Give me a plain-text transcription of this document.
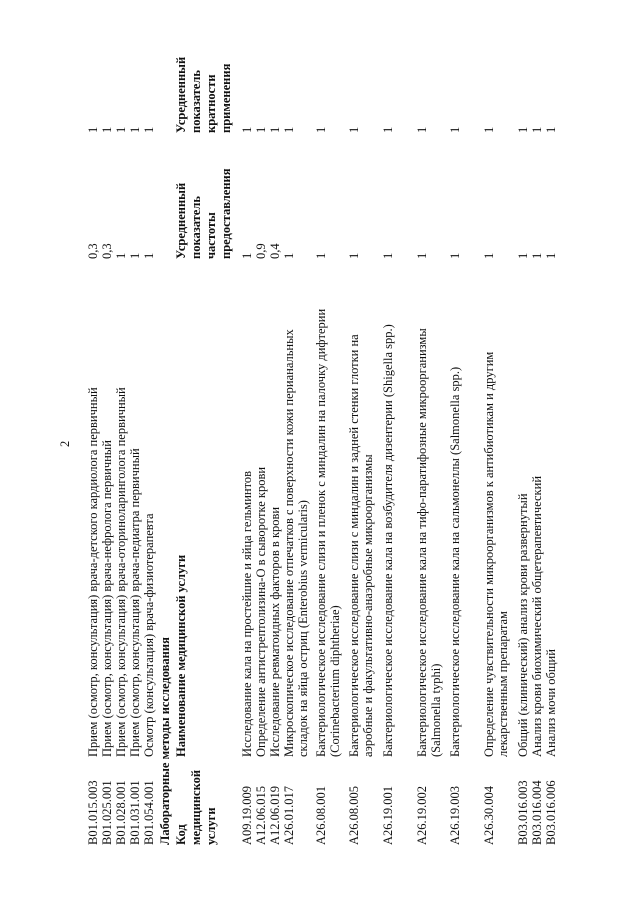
2
B01.015.003
Прием (осмотр, консультация) врача-детского кардиолога первичный
0,3
1
B01.025.001
Прием (осмотр, консультация) врача-нефролога первичный
0,3
1
B01.028.001
Прием (осмотр, консультация) врача-оториноларинголога первичный
1
1
B01.031.001
Прием (осмотр, консультация) врача-педиатра первичный
1
1
B01.054.001
Осмотр (консультация) врача-физиотерапевта
1
1
Лабораторные методы исследования Код медицинской услуги
Наименование медицинской услуги
Усредненный показатель частоты предоставления
Усредненный показатель кратности применения
A09.19.009
Исследование кала на простейшие и яйца гельминтов
1
1
A12.06.015
Определение антистрептолизина-О в сыворотке крови
0,9
1
A12.06.019
Исследование ревматоидных факторов в крови
0,4
1
A26.01.017
Микроскопическое исследование отпечатков с поверхности кожи перианальных складок на яйца остриц (Enterobius vermicularis)
1
1
A26.08.001
Бактериологическое исследование слизи и пленок с миндалин на палочку дифтерии (Corinebacterium diphtheriae)
1
1
A26.08.005
Бактериологическое исследование слизи с миндалин и задней стенки глотки на аэробные и факультативно-анаэробные микроорганизмы
1
1
A26.19.001
Бактериологическое исследование кала на возбудителя дизентерии (Shigella spp.)
1
1
A26.19.002
Бактериологическое исследование кала на тифо-паратифозные микроорганизмы (Salmonella typhi)
1
1
A26.19.003
Бактериологическое исследование кала на сальмонеллы (Salmonella spp.)
1
1
A26.30.004
Определение чувствительности микроорганизмов к антибиотикам и другим лекарственным препаратам
1
1
B03.016.003
Общий (клинический) анализ крови развернутый
1
1
B03.016.004
Анализ крови биохимический общетерапевтический
1
1
B03.016.006
Анализ мочи общий
1
1
